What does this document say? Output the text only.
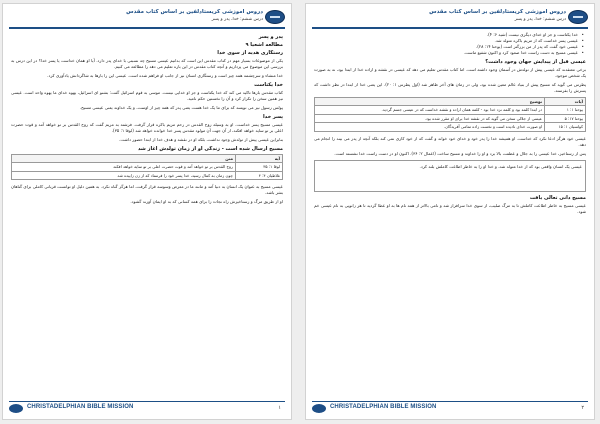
دروس آموزشی کریستادلفین بر اساس کتاب مقدس
درس ششم: خدا، پدر و پسر
پدر و پسر
مطالعه اشعیا ۹
رستگاری هدیه از سوی خدا

یکی از موضوعات بسیار مهم در کتاب مقدس این است که بدانیم عیسی مسیح چه نسبتی با خدای پدر دارد. آیا او همان خداست یا پسر خدا؟ در این درس به بررسی این موضوع می پردازیم و آنچه کتاب مقدس در این باره تعلیم می دهد را مطالعه می کنیم.

خدا منشاء و سرچشمه همه چیز است و رستگاری انسان نیز از جانب او فراهم شده است. عیسی این را بارها به شاگردانش یادآوری کرد.

خدا یکتاست

کتاب مقدس بارها تاکید می کند که خدا یکتاست و جز او خدایی نیست. موسی به قوم اسرائیل گفت: بشنو ای اسرائیل، یهوه خدای ما یهوه واحد است. عیسی نیز همین سخن را تکرار کرد و آن را نخستین حکم نامید.

پولس رسول نیز می نویسد که برای ما یک خدا هست یعنی پدر که همه چیز از اوست، و یک خداوند یعنی عیسی مسیح.

پسر خدا

عیسی مسیح پسر خداست. او به وسیله روح القدس در رحم مریم باکره قرار گرفت. فرشته به مریم گفت که روح القدس بر تو خواهد آمد و قوت حضرت اعلی بر تو سایه خواهد افکند، از آن جهت آن مولود مقدس پسر خدا خوانده خواهد شد (لوقا ۱: ۳۵).

بنابراین عیسی پیش از تولدش وجود نداشت، بلکه او در نقشه و هدف خدا از ابتدا حضور داشت.

مسیح ارسال شده است - زندگی او از زمان تولدش آغاز شد
آیه	متن
لوقا ۱: ۳۵	روح القدس بر تو خواهد آمد و قوت حضرت اعلی بر تو سایه خواهد افکند
غلاطیان ۴: ۴	چون زمان به کمال رسید، خدا پسر خود را فرستاد که از زن زاییده شد

عیسی مسیح به عنوان یک انسان به دنیا آمد و مانند ما در معرض وسوسه قرار گرفت، اما هرگز گناه نکرد. به همین دلیل او توانست قربانی کاملی برای گناهان بشر باشد.

او از طریق مرگ و رستاخیزش راه نجات را برای همه کسانی که به او ایمان آورند گشود.

CHRISTADELPHIAN BIBLE MISSION	۱
دروس آموزشی کریستادلفین بر اساس کتاب مقدس
درس ششم: خدا، پدر و پسر
• خدا یکتاست و جز او خدای دیگری نیست (تثنیه ۶: ۴).
• عیسی پسر خداست که از مریم باکره متولد شد.
• عیسی خود گفت که پدر از من بزرگتر است (یوحنا ۱۴: ۲۸).
• عیسی مسیح به دست راست خدا صعود کرد و اکنون شفیع ماست.
عیسی قبل از پیدایش جهان وجود داشت؟

برخی معتقدند که عیسی پیش از تولدش در آسمان وجود داشته است. اما کتاب مقدس تعلیم می دهد که عیسی در نقشه و اراده خدا از ابتدا بود، نه به صورت یک شخص موجود.

پطرس می گوید که مسیح پیش از بنیاد عالم معین شده بود، ولی در زمان های آخر ظاهر شد (اول پطرس ۱: ۲۰). این یعنی خدا از ابتدا در نظر داشت که پسرش را بفرستد.

آیات	توضیح
یوحنا ۱: ۱	در ابتدا کلمه بود و کلمه نزد خدا بود - کلمه همان اراده و نقشه خداست که در عیسی جسم گردید.
یوحنا ۱۷: ۵	عیسی از جلالی سخن می گوید که در نقشه خدا برای او مقرر شده بود.
کولسیان ۱: ۱۵	او صورت خدای نادیده است و نخست زاده تمامی آفریدگان.

عیسی خود هرگز ادعا نکرد که خداست. او همیشه خدا را پدر خود و خدای خود خواند و گفت که از خود کاری نمی کند بلکه آنچه از پدر می بیند را انجام می دهد.

پس از رستاخیز، خدا عیسی را به جلال و عظمت بالا برد و او را خداوند و مسیح ساخت (اعمال ۲: ۳۶). اکنون او در دست راست خدا نشسته است.

عیسی یک انسان واقعی بود که از خدا متولد شد، و خدا او را به خاطر اطاعت کاملش بلند کرد.
مسیح دانی تعالی یافت

عیسی مسیح به خاطر اطاعت کاملش تا به مرگ صلیب، از سوی خدا سرافراز شد و نامی بالاتر از همه نام ها به او عطا گردید تا هر زانویی به نام عیسی خم شود.

CHRISTADELPHIAN BIBLE MISSION	۲
